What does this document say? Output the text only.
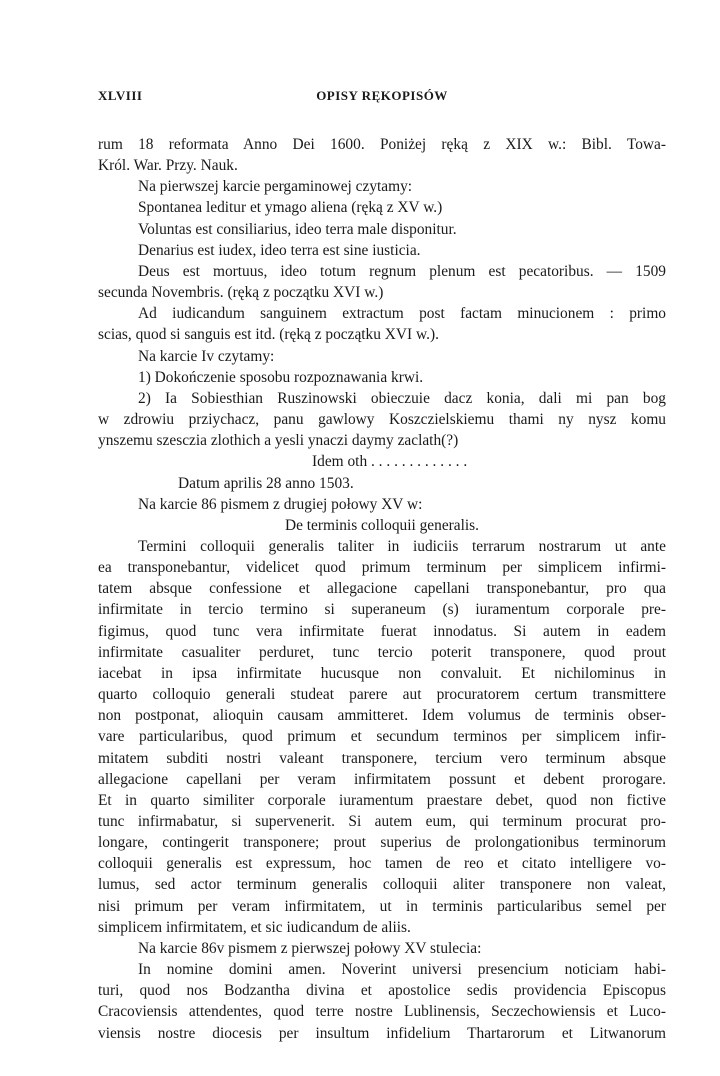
XLVIII	OPISY RĘKOPISÓW
rum 18 reformata Anno Dei 1600. Poniżej ręką z XIX w.: Bibl. Towa-
Król. War. Przy. Nauk.
Na pierwszej karcie pergaminowej czytamy:
Spontanea leditur et ymago aliena (ręką z XV w.)
Voluntas est consiliarius, ideo terra male disponitur.
Denarius est iudex, ideo terra est sine iusticia.
Deus est mortuus, ideo totum regnum plenum est pecatoribus. — 1509
secunda Novembris. (ręką z początku XVI w.)
Ad iudicandum sanguinem extractum post factam minucionem : primo
scias, quod si sanguis est itd. (ręką z początku XVI w.).
Na karcie Iv czytamy:
1) Dokończenie sposobu rozpoznawania krwi.
2) Ia Sobiesthian Ruszinowski obieczuie dacz konia, dali mi pan bog
w zdrowiu prziychacz, panu gawlowy Koszczielskiemu thami ny nysz komu
ynszemu szesczia zlothich a yesli ynaczi daymy zaclath(?)
Idem oth . . . . . . . . . . . . .
Datum aprilis 28 anno 1503.
Na karcie 86 pismem z drugiej połowy XV w:
De terminis colloquii generalis.
Termini colloquii generalis taliter in iudiciis terrarum nostrarum ut ante
ea transponebantur, videlicet quod primum terminum per simplicem infirmi-
tatem absque confessione et allegacione capellani transponebantur, pro qua
infirmitate in tercio termino si superaneum (s) iuramentum corporale pre-
figimus, quod tunc vera infirmitate fuerat innodatus. Si autem in eadem
infirmitate casualiter perduret, tunc tercio poterit transponere, quod prout
iacebat in ipsa infirmitate hucusque non convaluit. Et nichilominus in
quarto colloquio generali studeat parere aut procuratorem certum transmittere
non postponat, alioquin causam ammitteret. Idem volumus de terminis obser-
vare particularibus, quod primum et secundum terminos per simplicem infir-
mitatem subditi nostri valeant transponere, tercium vero terminum absque
allegacione capellani per veram infirmitatem possunt et debent prorogare.
Et in quarto similiter corporale iuramentum praestare debet, quod non fictive
tunc infirmabatur, si supervenerit. Si autem eum, qui terminum procurat pro-
longare, contingerit transponere; prout superius de prolongationibus terminorum
colloquii generalis est expressum, hoc tamen de reo et citato intelligere vo-
lumus, sed actor terminum generalis colloquii aliter transponere non valeat,
nisi primum per veram infirmitatem, ut in terminis particularibus semel per
simplicem infirmitatem, et sic iudicandum de aliis.
Na karcie 86v pismem z pierwszej połowy XV stulecia:
In nomine domini amen. Noverint universi presencium noticiam habi-
turi, quod nos Bodzantha divina et apostolice sedis providencia Episcopus
Cracoviensis attendentes, quod terre nostre Lublinensis, Seczechowiensis et Luco-
viensis nostre diocesis per insultum infidelium Thartarorum et Litwanorum
